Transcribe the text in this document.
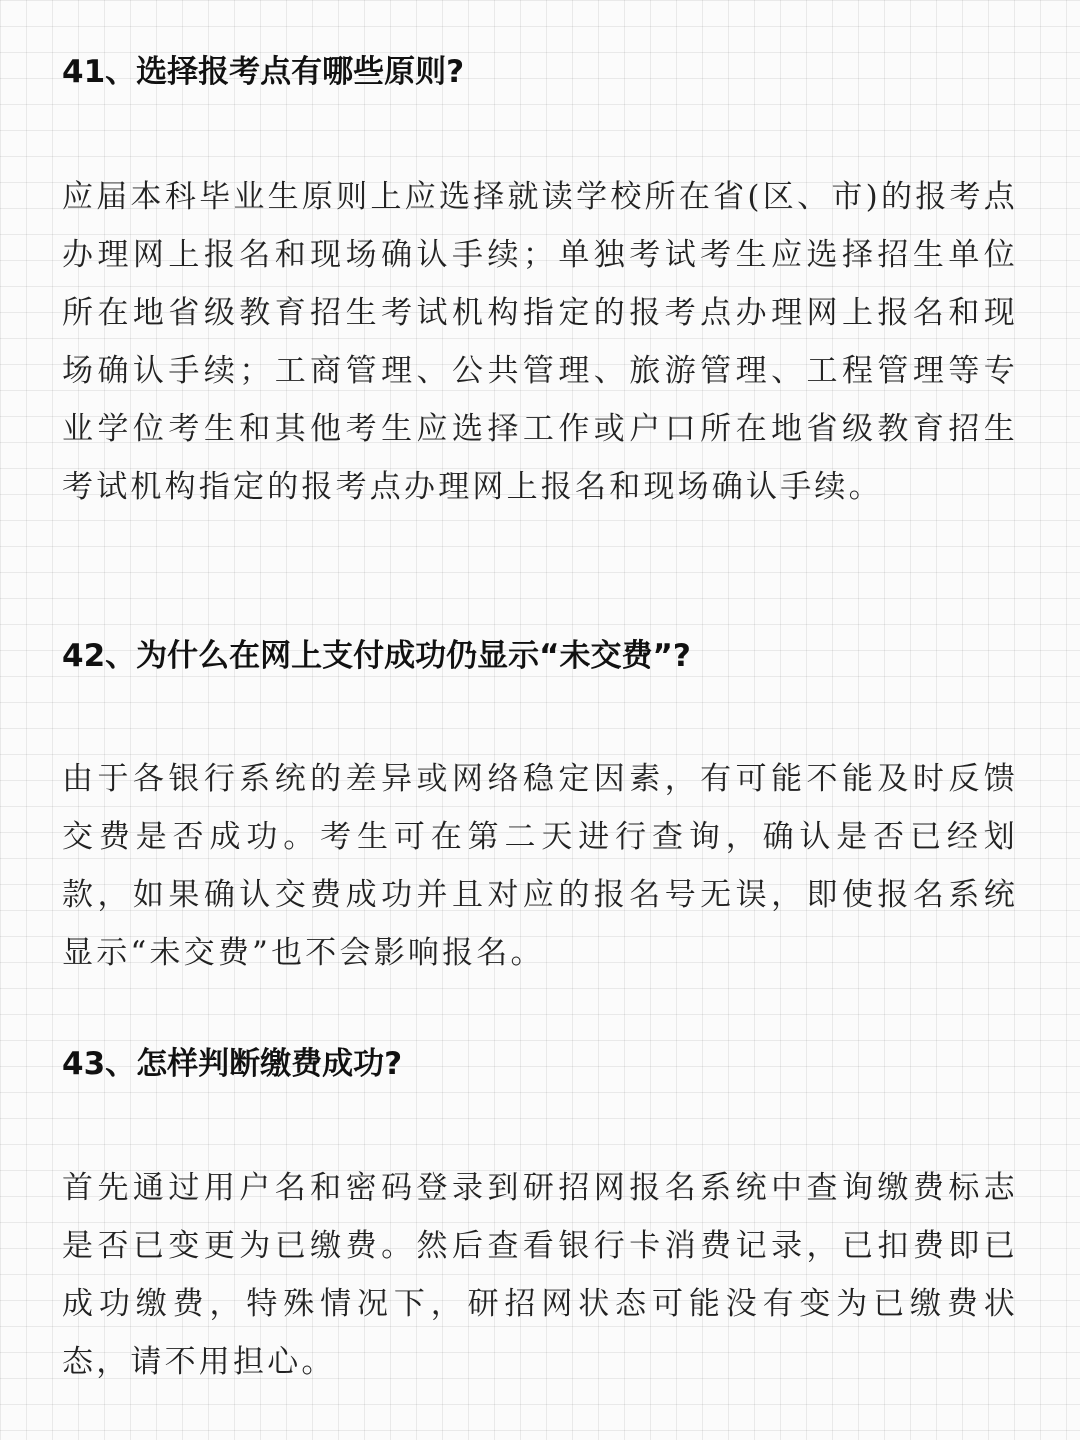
41、选择报考点有哪些原则?

应届本科毕业生原则上应选择就读学校所在省(区、市)的报考点办理网上报名和现场确认手续；单独考试考生应选择招生单位所在地省级教育招生考试机构指定的报考点办理网上报名和现场确认手续；工商管理、公共管理、旅游管理、工程管理等专业学位考生和其他考生应选择工作或户口所在地省级教育招生考试机构指定的报考点办理网上报名和现场确认手续。

42、为什么在网上支付成功仍显示“未交费”?

由于各银行系统的差异或网络稳定因素，有可能不能及时反馈交费是否成功。考生可在第二天进行查询，确认是否已经划款，如果确认交费成功并且对应的报名号无误，即使报名系统显示“未交费”也不会影响报名。

43、怎样判断缴费成功?

首先通过用户名和密码登录到研招网报名系统中查询缴费标志是否已变更为已缴费。然后查看银行卡消费记录，已扣费即已成功缴费，特殊情况下，研招网状态可能没有变为已缴费状态，请不用担心。
